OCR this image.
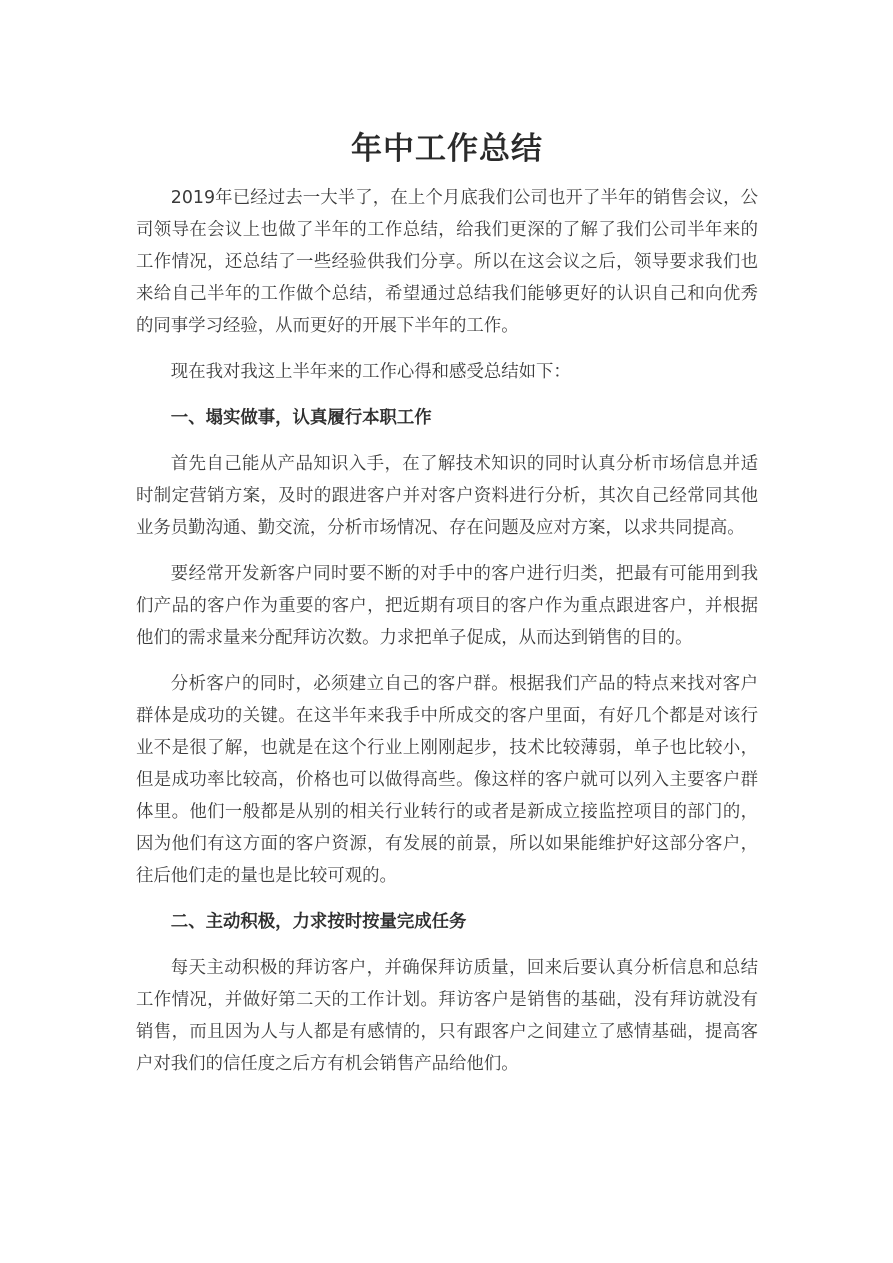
年中工作总结

2019年已经过去一大半了，在上个月底我们公司也开了半年的销售会议，公司领导在会议上也做了半年的工作总结，给我们更深的了解了我们公司半年来的工作情况，还总结了一些经验供我们分享。所以在这会议之后，领导要求我们也来给自己半年的工作做个总结，希望通过总结我们能够更好的认识自己和向优秀的同事学习经验，从而更好的开展下半年的工作。

现在我对我这上半年来的工作心得和感受总结如下：

一、塌实做事，认真履行本职工作

首先自己能从产品知识入手，在了解技术知识的同时认真分析市场信息并适时制定营销方案，及时的跟进客户并对客户资料进行分析，其次自己经常同其他业务员勤沟通、勤交流，分析市场情况、存在问题及应对方案，以求共同提高。

要经常开发新客户同时要不断的对手中的客户进行归类，把最有可能用到我们产品的客户作为重要的客户，把近期有项目的客户作为重点跟进客户，并根据他们的需求量来分配拜访次数。力求把单子促成，从而达到销售的目的。

分析客户的同时，必须建立自己的客户群。根据我们产品的特点来找对客户群体是成功的关键。在这半年来我手中所成交的客户里面，有好几个都是对该行业不是很了解，也就是在这个行业上刚刚起步，技术比较薄弱，单子也比较小，但是成功率比较高，价格也可以做得高些。像这样的客户就可以列入主要客户群体里。他们一般都是从别的相关行业转行的或者是新成立接监控项目的部门的，因为他们有这方面的客户资源，有发展的前景，所以如果能维护好这部分客户，往后他们走的量也是比较可观的。

二、主动积极，力求按时按量完成任务

每天主动积极的拜访客户，并确保拜访质量，回来后要认真分析信息和总结工作情况，并做好第二天的工作计划。拜访客户是销售的基础，没有拜访就没有销售，而且因为人与人都是有感情的，只有跟客户之间建立了感情基础，提高客户对我们的信任度之后方有机会销售产品给他们。
